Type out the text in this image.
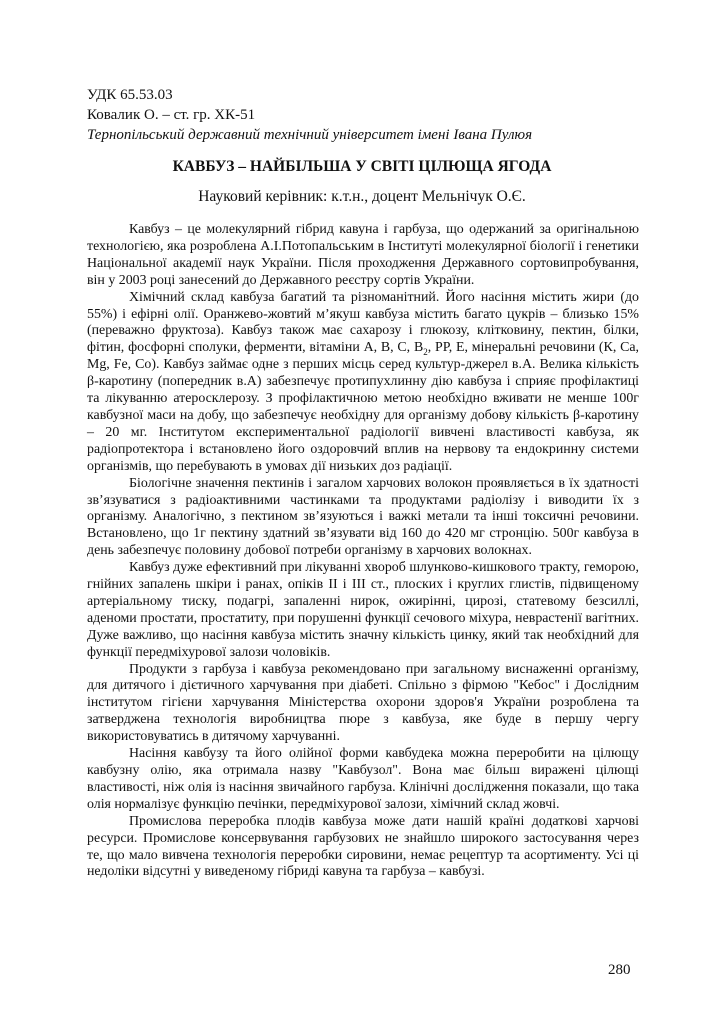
УДК 65.53.03
Ковалик О. – ст. гр. ХК-51
Тернопільський державний технічний університет імені Івана Пулюя
КАВБУЗ – НАЙБІЛЬША У СВІТІ ЦІЛЮЩА ЯГОДА
Науковий керівник: к.т.н., доцент Мельнічук О.Є.

Кавбуз – це молекулярний гібрид кавуна і гарбуза, що одержаний за оригінальною технологією, яка розроблена А.І.Потопальським в Інституті молекулярної біології і генетики Національної академії наук України. Після проходження Державного сортовипробування, він у 2003 році занесений до Державного реєстру сортів України.

Хімічний склад кавбуза багатий та різноманітний. Його насіння містить жири (до 55%) і ефірні олії. Оранжево-жовтий м’якуш кавбуза містить багато цукрів – близько 15% (переважно фруктоза). Кавбуз також має сахарозу і глюкозу, клітковину, пектин, білки, фітин, фосфорні сполуки, ферменти, вітаміни А, В, С, $В_2$, РР, Е, мінеральні речовини (К, Са, Mg, Fe, Co). Кавбуз займає одне з перших місць серед культур-джерел в.А. Велика кількість β-каротину (попередник в.А) забезпечує протипухлинну дію кавбуза і сприяє профілактиці та лікуванню атеросклерозу. З профілактичною метою необхідно вживати не менше 100г кавбузної маси на добу, що забезпечує необхідну для організму добову кількість β-каротину – 20 мг. Інститутом експериментальної радіології вивчені властивості кавбуза, як радіопротектора і встановлено його оздоровчий вплив на нервову та ендокринну системи організмів, що перебувають в умовах дії низьких доз радіації.

Біологічне значення пектинів і загалом харчових волокон проявляється в їх здатності зв’язуватися з радіоактивними частинками та продуктами радіолізу і виводити їх з організму. Аналогічно, з пектином зв’язуються і важкі метали та інші токсичні речовини. Встановлено, що 1г пектину здатний зв’язувати від 160 до 420 мг стронцію. 500г кавбуза в день забезпечує половину добової потреби організму в харчових волокнах.

Кавбуз дуже ефективний при лікуванні хвороб шлунково-кишкового тракту, геморою, гнійних запалень шкіри і ранах, опіків ІІ і ІІІ ст., плоских і круглих глистів, підвищеному артеріальному тиску, подагрі, запаленні нирок, ожирінні, цирозі, статевому безсиллі, аденоми простати, простатиту, при порушенні функції сечового міхура, неврастенії вагітних. Дуже важливо, що насіння кавбуза містить значну кількість цинку, який так необхідний для функції передміхурової залози чоловіків.

Продукти з гарбуза і кавбуза рекомендовано при загальному виснаженні організму, для дитячого і дієтичного харчування при діабеті. Спільно з фірмою "Кебос" і Дослідним інститутом гігієни харчування Міністерства охорони здоров'я України розроблена та затверджена технологія виробництва пюре з кавбуза, яке буде в першу чергу використовуватись в дитячому харчуванні.

Насіння кавбузу та його олійної форми кавбудека можна переробити на цілющу кавбузну олію, яка отримала назву "Кавбузол". Вона має більш виражені цілющі властивості, ніж олія із насіння звичайного гарбуза. Клінічні дослідження показали, що така олія нормалізує функцію печінки, передміхурової залози, хімічний склад жовчі.

Промислова переробка плодів кавбуза може дати нашій країні додаткові харчові ресурси. Промислове консервування гарбузових не знайшло широкого застосування через те, що мало вивчена технологія переробки сировини, немає рецептур та асортименту. Усі ці недоліки відсутні у виведеному гібриді кавуна та гарбуза – кавбузі.

280
